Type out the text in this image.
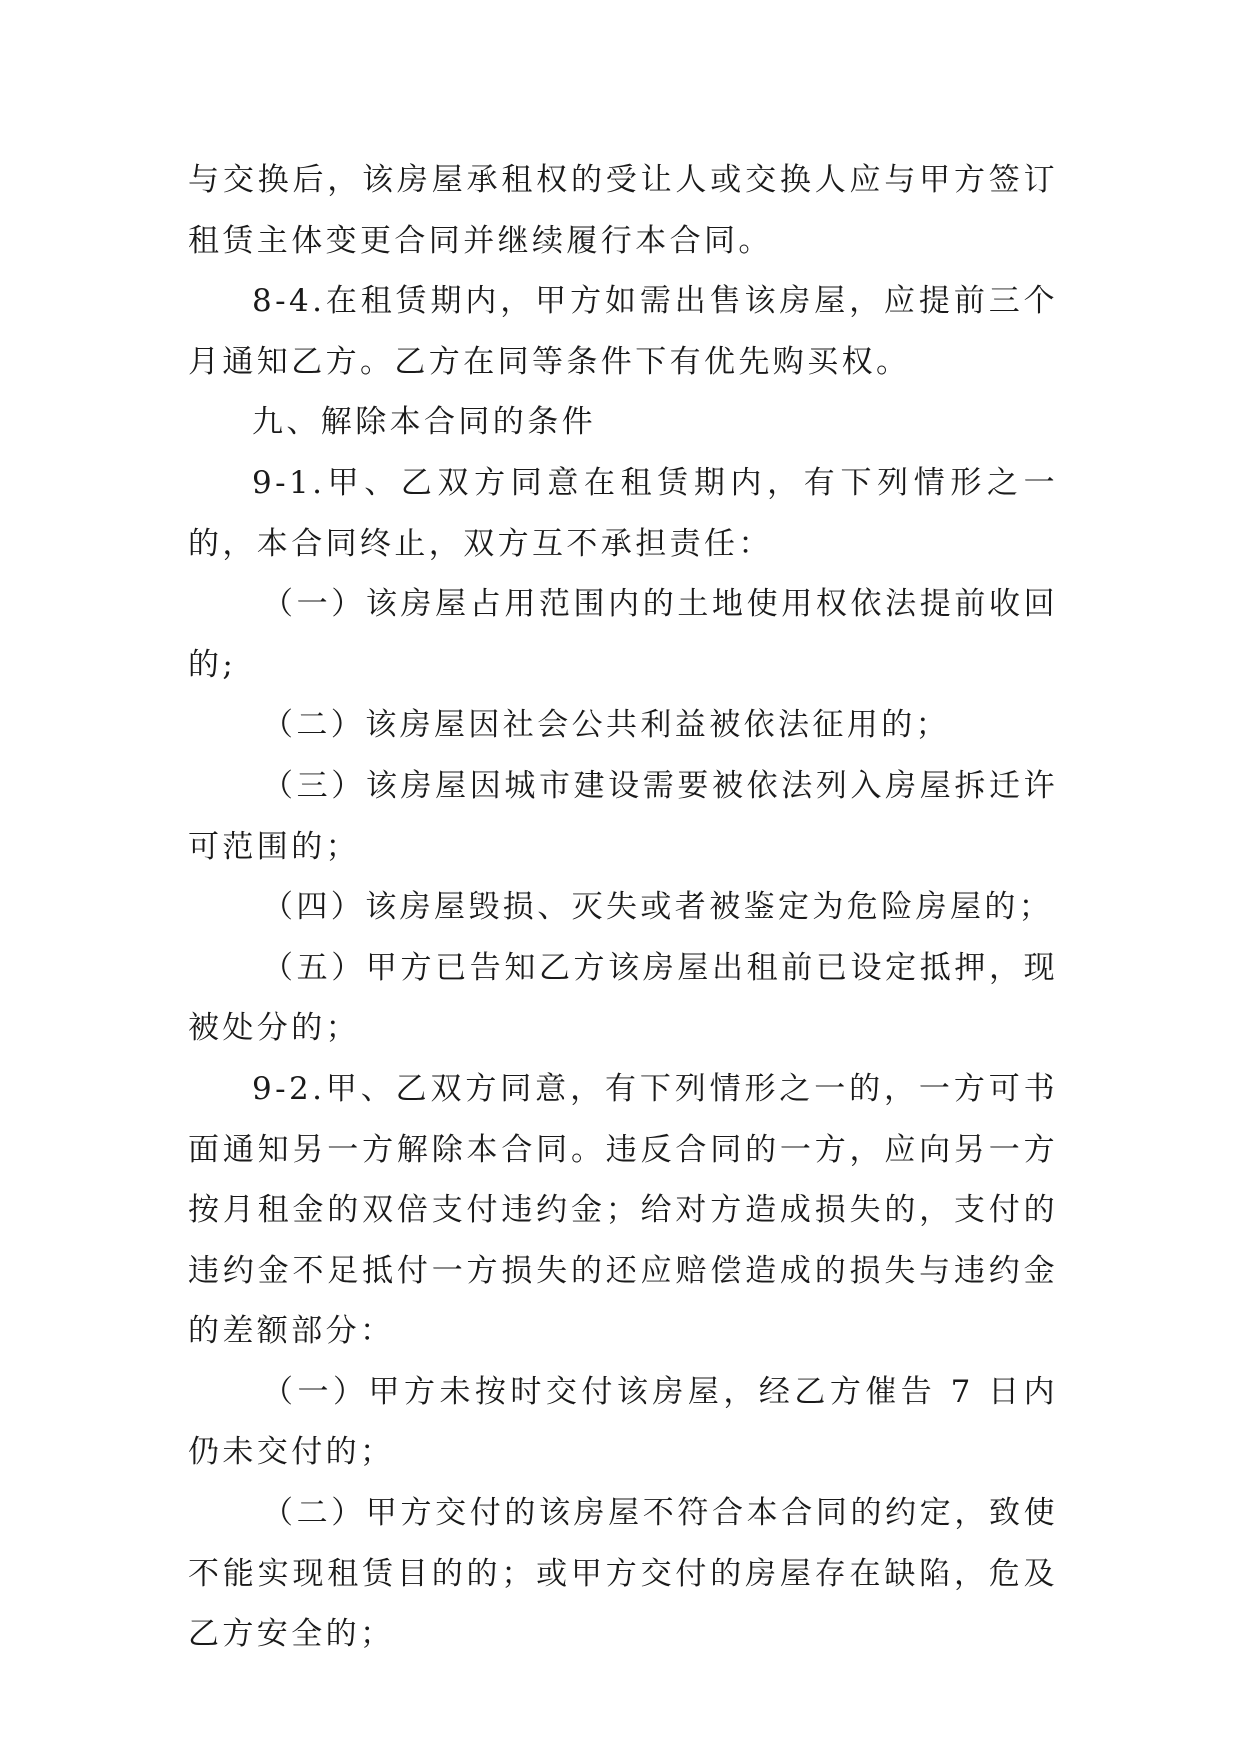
与交换后，该房屋承租权的受让人或交换人应与甲方签订租赁主体变更合同并继续履行本合同。

8-4.在租赁期内，甲方如需出售该房屋，应提前三个月通知乙方。乙方在同等条件下有优先购买权。

九、解除本合同的条件

9-1.甲、乙双方同意在租赁期内，有下列情形之一的，本合同终止，双方互不承担责任：

（一）该房屋占用范围内的土地使用权依法提前收回的;

（二）该房屋因社会公共利益被依法征用的；

（三）该房屋因城市建设需要被依法列入房屋拆迁许可范围的；

（四）该房屋毁损、灭失或者被鉴定为危险房屋的；

（五）甲方已告知乙方该房屋出租前已设定抵押，现被处分的；

9-2.甲、乙双方同意，有下列情形之一的，一方可书面通知另一方解除本合同。违反合同的一方，应向另一方按月租金的双倍支付违约金；给对方造成损失的，支付的违约金不足抵付一方损失的还应赔偿造成的损失与违约金的差额部分：

（一）甲方未按时交付该房屋，经乙方催告 7 日内仍未交付的；

（二）甲方交付的该房屋不符合本合同的约定，致使不能实现租赁目的的；或甲方交付的房屋存在缺陷，危及乙方安全的；
